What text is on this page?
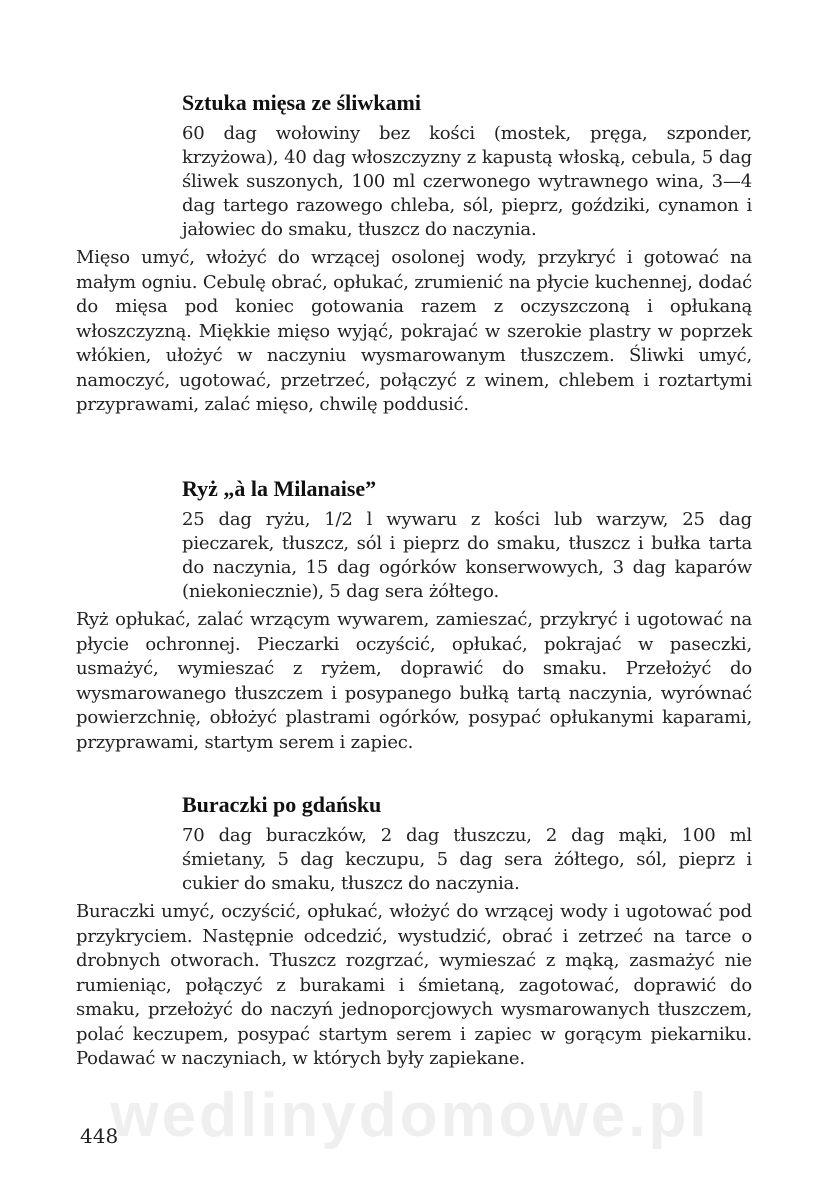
wedlinydomowe.pl
Sztuka mięsa ze śliwkami

60 dag wołowiny bez kości (mostek, pręga, szponder, krzyżowa), 40 dag włoszczyzny z kapustą włoską, cebula, 5 dag śliwek suszonych, 100 ml czerwonego wytrawnego wina, 3—4 dag tartego razowego chleba, sól, pieprz, goździki, cynamon i jałowiec do smaku, tłuszcz do naczynia.

Mięso umyć, włożyć do wrzącej osolonej wody, przykryć i gotować na małym ogniu. Cebulę obrać, opłukać, zrumienić na płycie kuchennej, dodać do mięsa pod koniec gotowania razem z oczyszczoną i opłukaną włoszczyzną. Miękkie mięso wyjąć, pokrajać w szerokie plastry w poprzek włókien, ułożyć w naczyniu wysmarowanym tłuszczem. Śliwki umyć, namoczyć, ugotować, przetrzeć, połączyć z winem, chlebem i roztartymi przyprawami, zalać mięso, chwilę poddusić.

Ryż „à la Milanaise”

25 dag ryżu, 1/2 l wywaru z kości lub warzyw, 25 dag pieczarek, tłuszcz, sól i pieprz do smaku, tłuszcz i bułka tarta do naczynia, 15 dag ogórków konserwowych, 3 dag kaparów (niekoniecznie), 5 dag sera żółtego.

Ryż opłukać, zalać wrzącym wywarem, zamieszać, przykryć i ugotować na płycie ochronnej. Pieczarki oczyścić, opłukać, pokrajać w paseczki, usmażyć, wymieszać z ryżem, doprawić do smaku. Przełożyć do wysmarowanego tłuszczem i posypanego bułką tartą naczynia, wyrównać powierzchnię, obłożyć plastrami ogórków, posypać opłukanymi kaparami, przyprawami, startym serem i zapiec.

Buraczki po gdańsku

70 dag buraczków, 2 dag tłuszczu, 2 dag mąki, 100 ml śmietany, 5 dag keczupu, 5 dag sera żółtego, sól, pieprz i cukier do smaku, tłuszcz do naczynia.

Buraczki umyć, oczyścić, opłukać, włożyć do wrzącej wody i ugotować pod przykryciem. Następnie odcedzić, wystudzić, obrać i zetrzeć na tarce o drobnych otworach. Tłuszcz rozgrzać, wymieszać z mąką, zasmażyć nie rumieniąc, połączyć z burakami i śmietaną, zagotować, doprawić do smaku, przełożyć do naczyń jednoporcjowych wysmarowanych tłuszczem, polać keczupem, posypać startym serem i zapiec w gorącym piekarniku. Podawać w naczyniach, w których były zapiekane.

448
